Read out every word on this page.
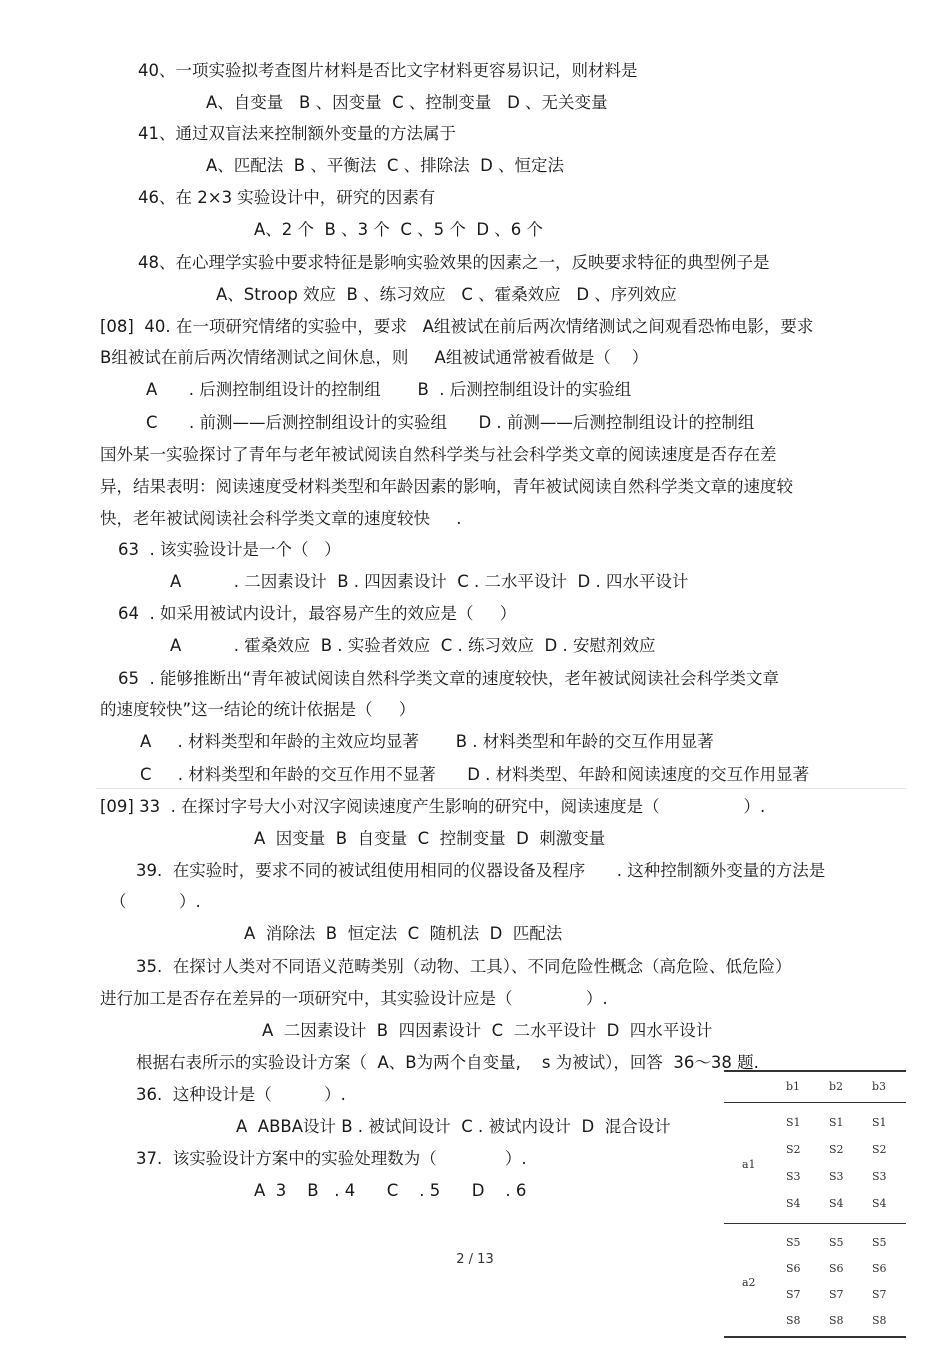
40、一项实验拟考查图片材料是否比文字材料更容易识记，则材料是
A、自变量   B 、因变量  C 、控制变量   D 、无关变量
41、通过双盲法来控制额外变量的方法属于
A、匹配法  B 、平衡法  C 、排除法  D 、恒定法
46、在 2×3 实验设计中，研究的因素有
A、2 个  B 、3 个  C 、5 个  D 、6 个
48、在心理学实验中要求特征是影响实验效果的因素之一，反映要求特征的典型例子是
A、Stroop 效应  B 、练习效应   C 、霍桑效应   D 、序列效应
[08]  40. 在一项研究情绪的实验中，要求   A组被试在前后两次情绪测试之间观看恐怖电影，要求
B组被试在前后两次情绪测试之间休息，则     A组被试通常被看做是（    ）
A      . 后测控制组设计的控制组       B  . 后测控制组设计的实验组
C      . 前测——后测控制组设计的实验组      D . 前测——后测控制组设计的控制组
国外某一实验探讨了青年与老年被试阅读自然科学类与社会科学类文章的阅读速度是否存在差
异，结果表明：阅读速度受材料类型和年龄因素的影响，青年被试阅读自然科学类文章的速度较
快，老年被试阅读社会科学类文章的速度较快     .
63  . 该实验设计是一个（   ）
A          . 二因素设计  B . 四因素设计  C . 二水平设计  D . 四水平设计
64  . 如采用被试内设计，最容易产生的效应是（     ）
A          . 霍桑效应  B . 实验者效应  C . 练习效应  D . 安慰剂效应
65  . 能够推断出“青年被试阅读自然科学类文章的速度较快，老年被试阅读社会科学类文章
的速度较快”这一结论的统计依据是（     ）
A     . 材料类型和年龄的主效应均显著       B . 材料类型和年龄的交互作用显著
C     . 材料类型和年龄的交互作用不显著      D . 材料类型、年龄和阅读速度的交互作用显著
[09] 33  . 在探讨字号大小对汉字阅读速度产生影响的研究中，阅读速度是（                ）.
A  因变量  B  自变量  C  控制变量  D  刺激变量
39.  在实验时，要求不同的被试组使用相同的仪器设备及程序      . 这种控制额外变量的方法是
（          ）.
A  消除法  B  恒定法  C  随机法  D  匹配法
35.  在探讨人类对不同语义范畴类别（动物、工具）、不同危险性概念（高危险、低危险）
进行加工是否存在差异的一项研究中，其实验设计应是（              ）.
A  二因素设计  B  四因素设计  C  二水平设计  D  四水平设计
根据右表所示的实验设计方案（  A、B为两个自变量,    s 为被试），回答  36～38 题.
36.  这种设计是（          ）.
A  ABBA设计 B . 被试间设计  C . 被试内设计  D  混合设计
37.  该实验设计方案中的实验处理数为（             ）.
A  3    B   . 4      C    . 5      D    . 6
2 / 13
b1	b2	b3
a1
S1	S1	S1
S2	S2	S2
S3	S3	S3
S4	S4	S4
a2
S5	S5	S5
S6	S6	S6
S7	S7	S7
S8	S8	S8
